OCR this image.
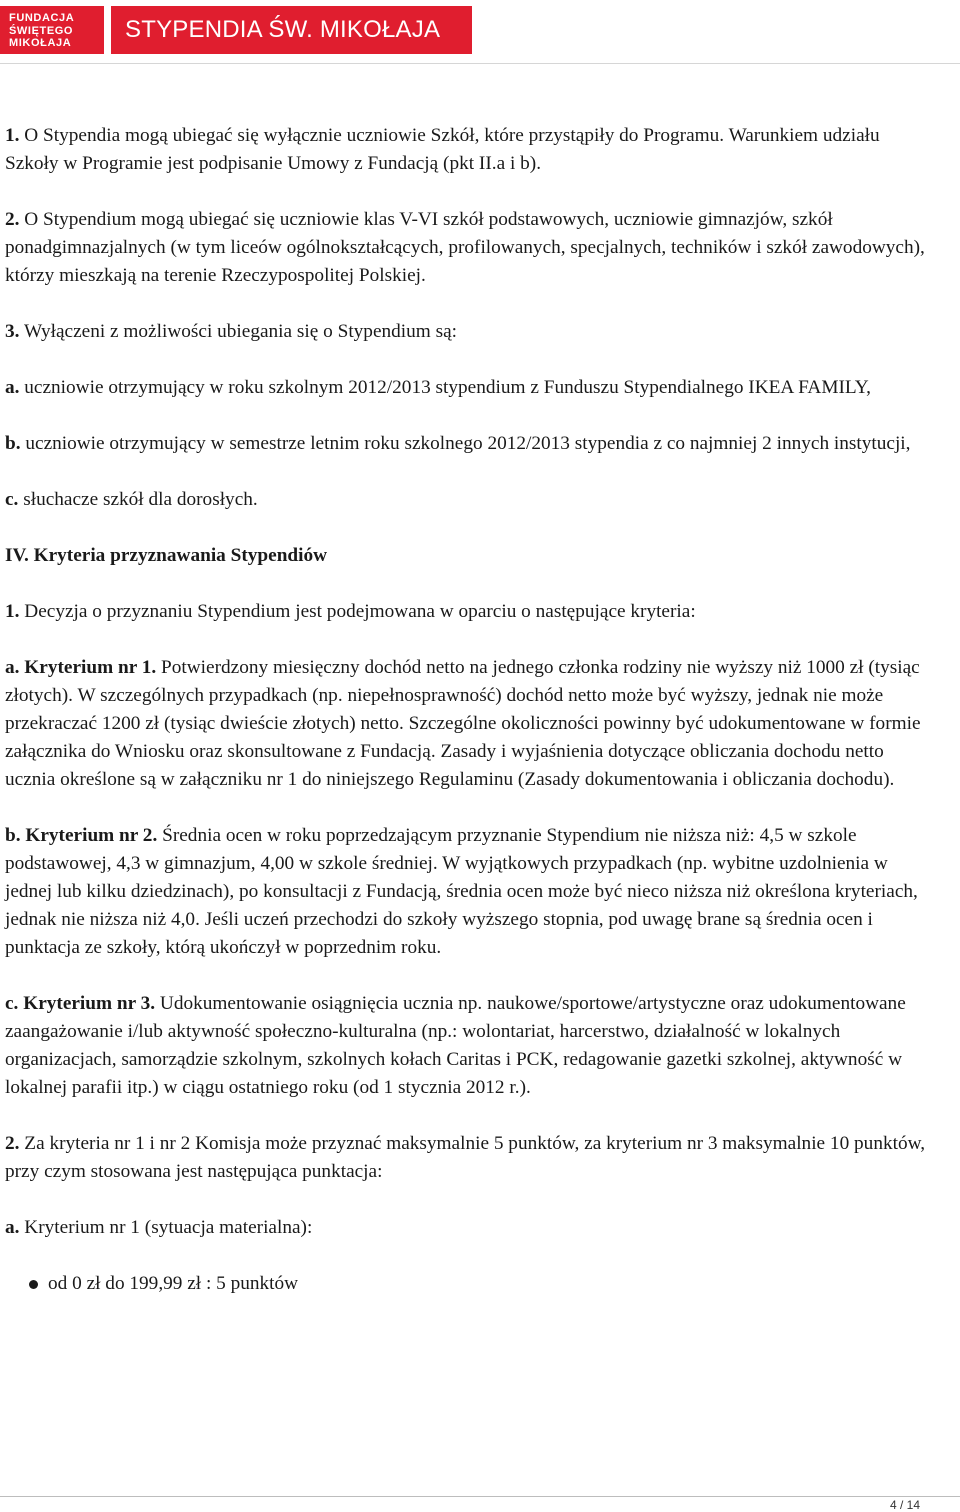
FUNDACJA
ŚWIĘTEGO
MIKOŁAJA	STYPENDIA ŚW. MIKOŁAJA

1. O Stypendia mogą ubiegać się wyłącznie uczniowie Szkół, które przystąpiły do Programu. Warunkiem udziału Szkoły w Programie jest podpisanie Umowy z Fundacją (pkt II.a i b).

2. O Stypendium mogą ubiegać się uczniowie klas V-VI szkół podstawowych, uczniowie gimnazjów, szkół ponadgimnazjalnych (w tym liceów ogólnokształcących, profilowanych, specjalnych, techników i szkół zawodowych), którzy mieszkają na terenie Rzeczypospolitej Polskiej.

3. Wyłączeni z możliwości ubiegania się o Stypendium są:

a. uczniowie otrzymujący w roku szkolnym 2012/2013 stypendium z Funduszu Stypendialnego IKEA FAMILY,

b. uczniowie otrzymujący w semestrze letnim roku szkolnego 2012/2013 stypendia z co najmniej 2 innych instytucji,

c. słuchacze szkół dla dorosłych.

IV. Kryteria przyznawania Stypendiów

1. Decyzja o przyznaniu Stypendium jest podejmowana w oparciu o następujące kryteria:

a. Kryterium nr 1. Potwierdzony miesięczny dochód netto na jednego członka rodziny nie wyższy niż 1000 zł (tysiąc złotych). W szczególnych przypadkach (np. niepełnosprawność) dochód netto może być wyższy, jednak nie może przekraczać 1200 zł (tysiąc dwieście złotych) netto. Szczególne okoliczności powinny być udokumentowane w formie załącznika do Wniosku oraz skonsultowane z Fundacją. Zasady i wyjaśnienia dotyczące obliczania dochodu netto ucznia określone są w załączniku nr 1 do niniejszego Regulaminu (Zasady dokumentowania i obliczania dochodu).

b. Kryterium nr 2. Średnia ocen w roku poprzedzającym przyznanie Stypendium nie niższa niż: 4,5 w szkole podstawowej, 4,3 w gimnazjum, 4,00 w szkole średniej. W wyjątkowych przypadkach (np. wybitne uzdolnienia w jednej lub kilku dziedzinach), po konsultacji z Fundacją, średnia ocen może być nieco niższa niż określona kryteriach, jednak nie niższa niż 4,0. Jeśli uczeń przechodzi do szkoły wyższego stopnia, pod uwagę brane są średnia ocen i punktacja ze szkoły, którą ukończył w poprzednim roku.

c. Kryterium nr 3. Udokumentowanie osiągnięcia ucznia np. naukowe/sportowe/artystyczne oraz udokumentowane zaangażowanie i/lub aktywność społeczno-kulturalna (np.: wolontariat, harcerstwo, działalność w lokalnych organizacjach, samorządzie szkolnym, szkolnych kołach Caritas i PCK, redagowanie gazetki szkolnej, aktywność w lokalnej parafii itp.) w ciągu ostatniego roku (od 1 stycznia 2012 r.).

2. Za kryteria nr 1 i nr 2 Komisja może przyznać maksymalnie 5 punktów, za kryterium nr 3 maksymalnie 10 punktów, przy czym stosowana jest następująca punktacja:

a. Kryterium nr 1 (sytuacja materialna):

od 0 zł do 199,99 zł : 5 punktów

4 / 14
